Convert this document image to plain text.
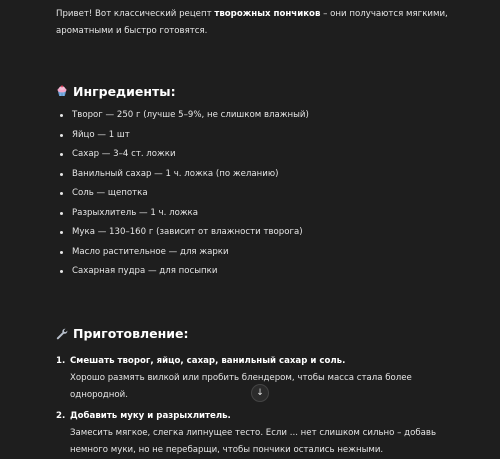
Привет! Вот классический рецепт творожных пончиков – они получаются мягкими, ароматными и быстро готовятся.

Ингредиенты:
Творог — 250 г (лучше 5–9%, не слишком влажный)
Яйцо — 1 шт
Сахар — 3–4 ст. ложки
Ванильный сахар — 1 ч. ложка (по желанию)
Соль — щепотка
Разрыхлитель — 1 ч. ложка
Мука — 130–160 г (зависит от влажности творога)
Масло растительное — для жарки
Сахарная пудра — для посыпки
Приготовление:
1. Смешать творог, яйцо, сахар, ванильный сахар и соль.
Хорошо размять вилкой или пробить блендером, чтобы масса стала более однородной.
2. Добавить муку и разрыхлитель.
Замесить мягкое, слегка липнущее тесто. Если ... нет слишком сильно – добавь немного муки, но не перебарщи, чтобы пончики остались нежными.
↓
